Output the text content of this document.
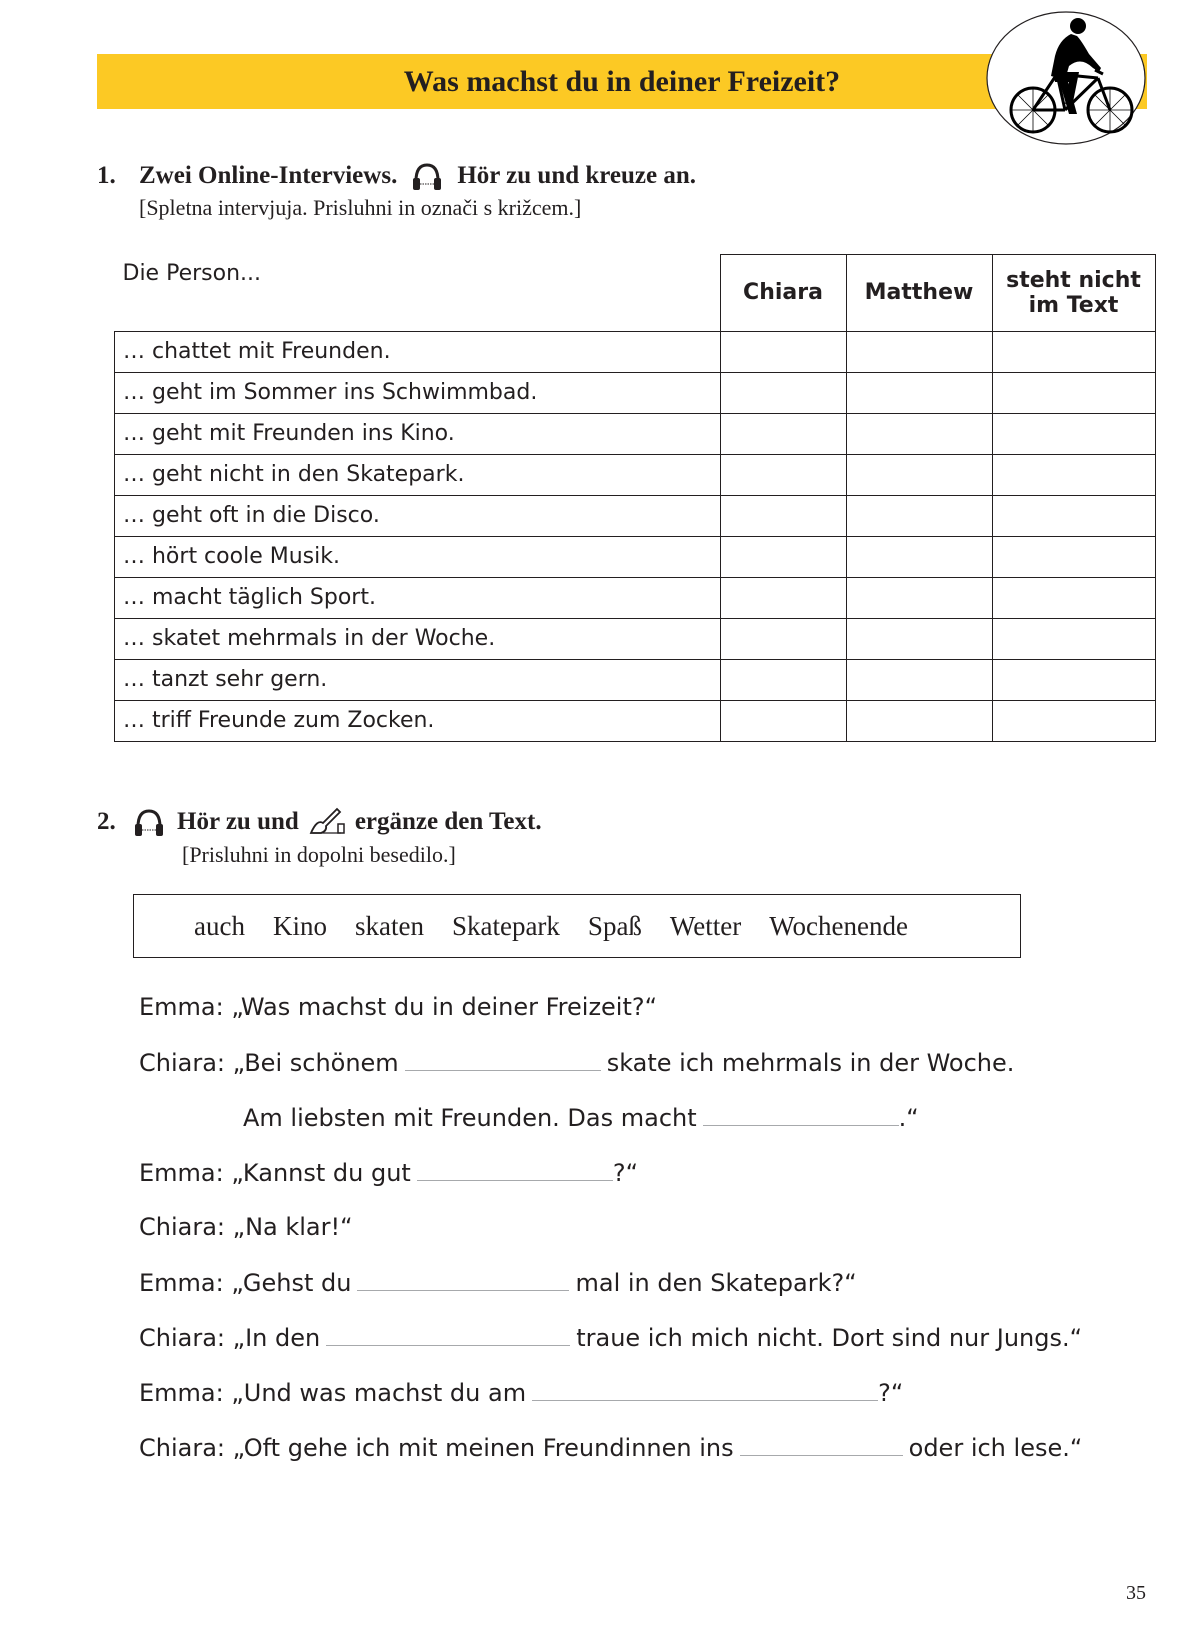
Was machst du in deiner Freizeit?
1. Zwei Online-Interviews. Hör zu und kreuze an.
[Spletna intervjuja. Prisluhni in označi s križcem.]
Die Person...	Chiara	Matthew	steht nicht im Text
… chattet mit Freunden.			
… geht im Sommer ins Schwimmbad.			
… geht mit Freunden ins Kino.			
… geht nicht in den Skatepark.			
… geht oft in die Disco.			
… hört coole Musik.			
… macht täglich Sport.			
… skatet mehrmals in der Woche.			
… tanzt sehr gern.			
… triff Freunde zum Zocken.			
2.	Hör zu und ergänze den Text.
[Prisluhni in dopolni besedilo.]
auch Kino skaten Skatepark Spaß Wetter Wochenende
Emma: „Was machst du in deiner Freizeit?“
Chiara: „Bei schönem	skate ich mehrmals in der Woche.
Am liebsten mit Freunden. Das macht	.“
Emma: „Kannst du gut	?“
Chiara: „Na klar!“
Emma: „Gehst du	mal in den Skatepark?“
Chiara: „In den	traue ich mich nicht. Dort sind nur Jungs.“
Emma: „Und was machst du am	?“
Chiara: „Oft gehe ich mit meinen Freundinnen ins	oder ich lese.“
35
